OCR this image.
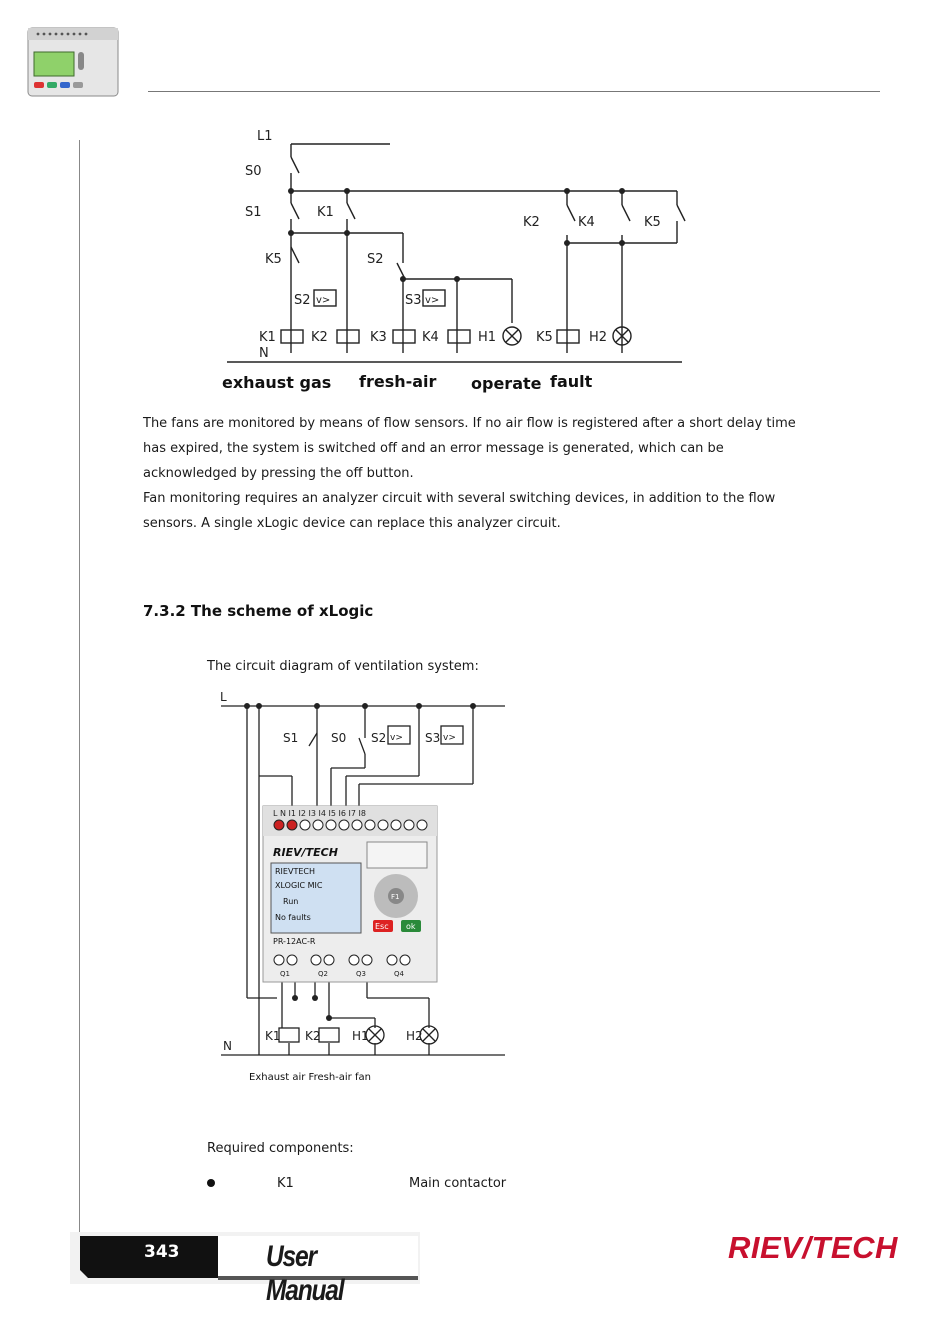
L1
S0
S1	K1
K5	S2
K2	K4	K5
S2 v>	S3 v>
K1	K2	K3	K4	H1	K5	H2
N
exhaust gas fresh-air operate fault
The fans are monitored by means of flow sensors. If no air flow is registered after a short delay time has expired, the system is switched off and an error message is generated, which can be acknowledged by pressing the off button.
Fan monitoring requires an analyzer circuit with several switching devices, in addition to the flow sensors. A single xLogic device can replace this analyzer circuit.
7.3.2 The scheme of xLogic
The circuit diagram of ventilation system:
L
S1	S0 S2 v> S3 v>
L N I1 I2 I3 I4 I5 I6 I7 I8
RIEV/TECH
RIEVTECH
XLOGIC MIC
Run
No faults
F1
Esc ok
PR-12AC-R
Q1	Q2	Q3	Q4
K1 K2	H1	H2
N
Exhaust air Fresh-air fan
Required components:
K1	Main contactor
343	User Manual
RIEV/TECH
